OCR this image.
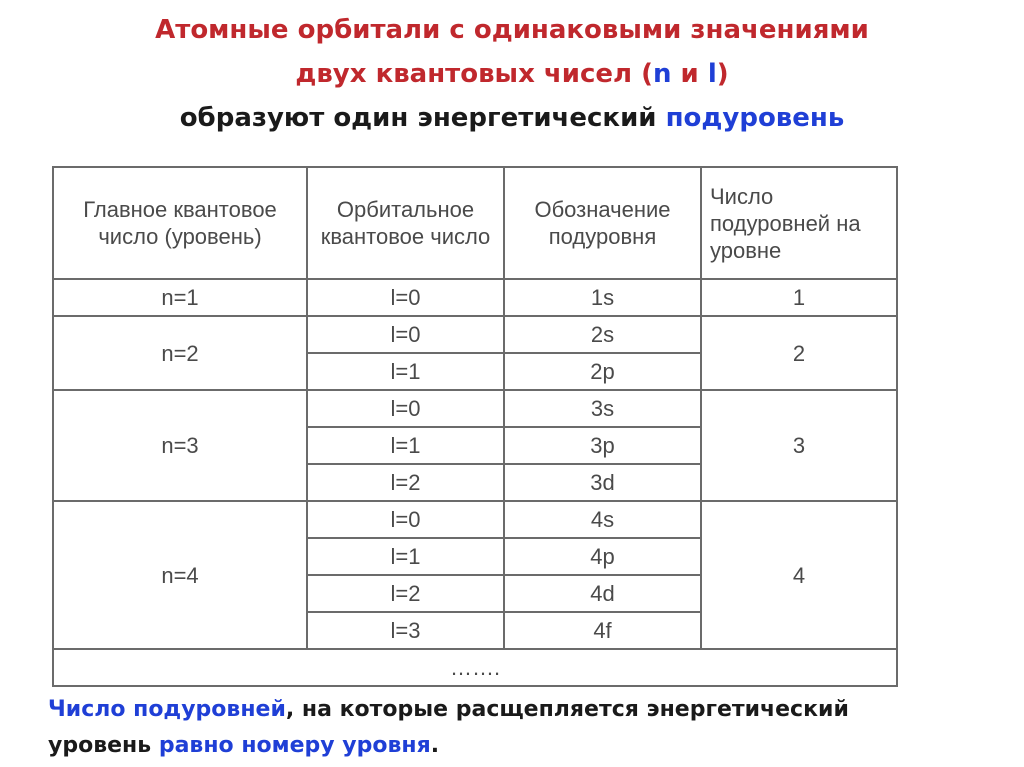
Атомные орбитали с одинаковыми значениями
двух квантовых чисел (n и l)
образуют один энергетический подуровень
Главное квантовое число (уровень)	Орбитальное квантовое число	Обозначение подуровня	Число подуровней на уровне
n=1	l=0	1s	1
n=2	l=0	2s	2
	l=1	2p	
n=3	l=0	3s	3
	l=1	3p	
	l=2	3d	
n=4	l=0	4s	4
	l=1	4p	
	l=2	4d	
	l=3	4f	
…….			
Число подуровней, на которые расщепляется энергетический
уровень равно номеру уровня.
